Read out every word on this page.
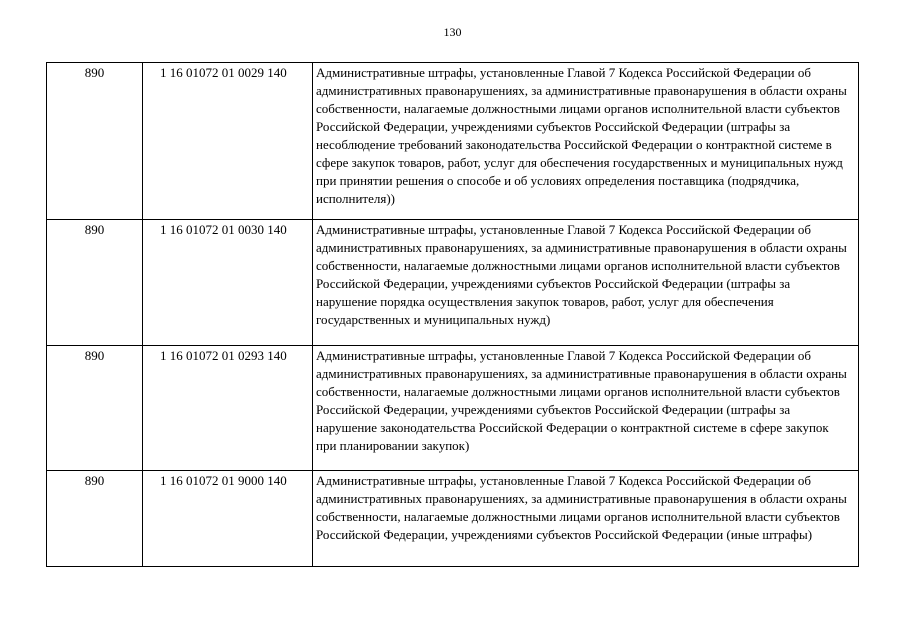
130
890	1 16 01072 01 0029 140	Административные штрафы, установленные Главой 7 Кодекса Российской Федерации об административных правонарушениях, за административные правонарушения в области охраны собственности, налагаемые должностными лицами органов исполнительной власти субъектов Российской Федерации, учреждениями субъектов Российской Федерации (штрафы за несоблюдение требований законодательства Российской Федерации о контрактной системе в сфере закупок товаров, работ, услуг для обеспечения государственных и муниципальных нужд при принятии решения о способе и об условиях определения поставщика (подрядчика, исполнителя))
890	1 16 01072 01 0030 140	Административные штрафы, установленные Главой 7 Кодекса Российской Федерации об административных правонарушениях, за административные правонарушения в области охраны собственности, налагаемые должностными лицами органов исполнительной власти субъектов Российской Федерации, учреждениями субъектов Российской Федерации (штрафы за нарушение порядка осуществления закупок товаров, работ, услуг для обеспечения государственных и муниципальных нужд)
890	1 16 01072 01 0293 140	Административные штрафы, установленные Главой 7 Кодекса Российской Федерации об административных правонарушениях, за административные правонарушения в области охраны собственности, налагаемые должностными лицами органов исполнительной власти субъектов Российской Федерации, учреждениями субъектов Российской Федерации (штрафы за нарушение законодательства Российской Федерации о контрактной системе в сфере закупок при планировании закупок)
890	1 16 01072 01 9000 140	Административные штрафы, установленные Главой 7 Кодекса Российской Федерации об административных правонарушениях, за административные правонарушения в области охраны собственности, налагаемые должностными лицами органов исполнительной власти субъектов Российской Федерации, учреждениями субъектов Российской Федерации (иные штрафы)
